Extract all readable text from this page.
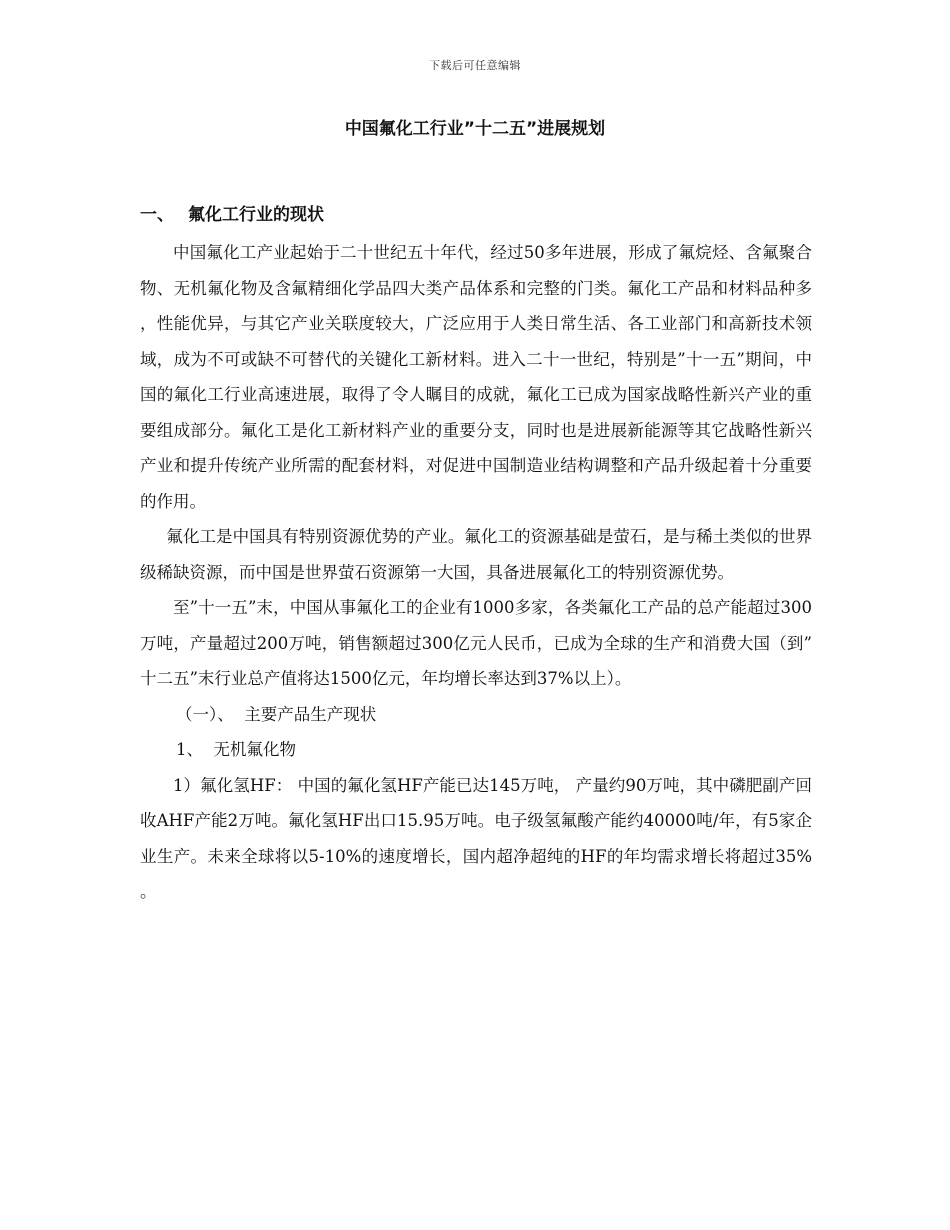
下载后可任意编辑
中国氟化工行业”十二五”进展规划
一、 氟化工行业的现状

中国氟化工产业起始于二十世纪五十年代，经过50多年进展，形成了氟烷烃、含氟聚合物、无机氟化物及含氟精细化学品四大类产品体系和完整的门类。氟化工产品和材料品种多，性能优异，与其它产业关联度较大，广泛应用于人类日常生活、各工业部门和高新技术领域，成为不可或缺不可替代的关键化工新材料。进入二十一世纪，特别是”十一五”期间，中国的氟化工行业高速进展，取得了令人瞩目的成就，氟化工已成为国家战略性新兴产业的重要组成部分。氟化工是化工新材料产业的重要分支，同时也是进展新能源等其它战略性新兴产业和提升传统产业所需的配套材料，对促进中国制造业结构调整和产品升级起着十分重要的作用。

氟化工是中国具有特别资源优势的产业。氟化工的资源基础是萤石，是与稀土类似的世界级稀缺资源，而中国是世界萤石资源第一大国，具备进展氟化工的特别资源优势。

至”十一五”末，中国从事氟化工的企业有1000多家，各类氟化工产品的总产能超过300万吨，产量超过200万吨，销售额超过300亿元人民币，已成为全球的生产和消费大国（到”十二五”末行业总产值将达1500亿元，年均增长率达到37%以上）。

（一）、  主要产品生产现状

1、  无机氟化物

1）氟化氢HF： 中国的氟化氢HF产能已达145万吨， 产量约90万吨，其中磷肥副产回收AHF产能2万吨。氟化氢HF出口15.95万吨。电子级氢氟酸产能约40000吨/年，有5家企业生产。未来全球将以5-10%的速度增长，国内超净超纯的HF的年均需求增长将超过35%。
